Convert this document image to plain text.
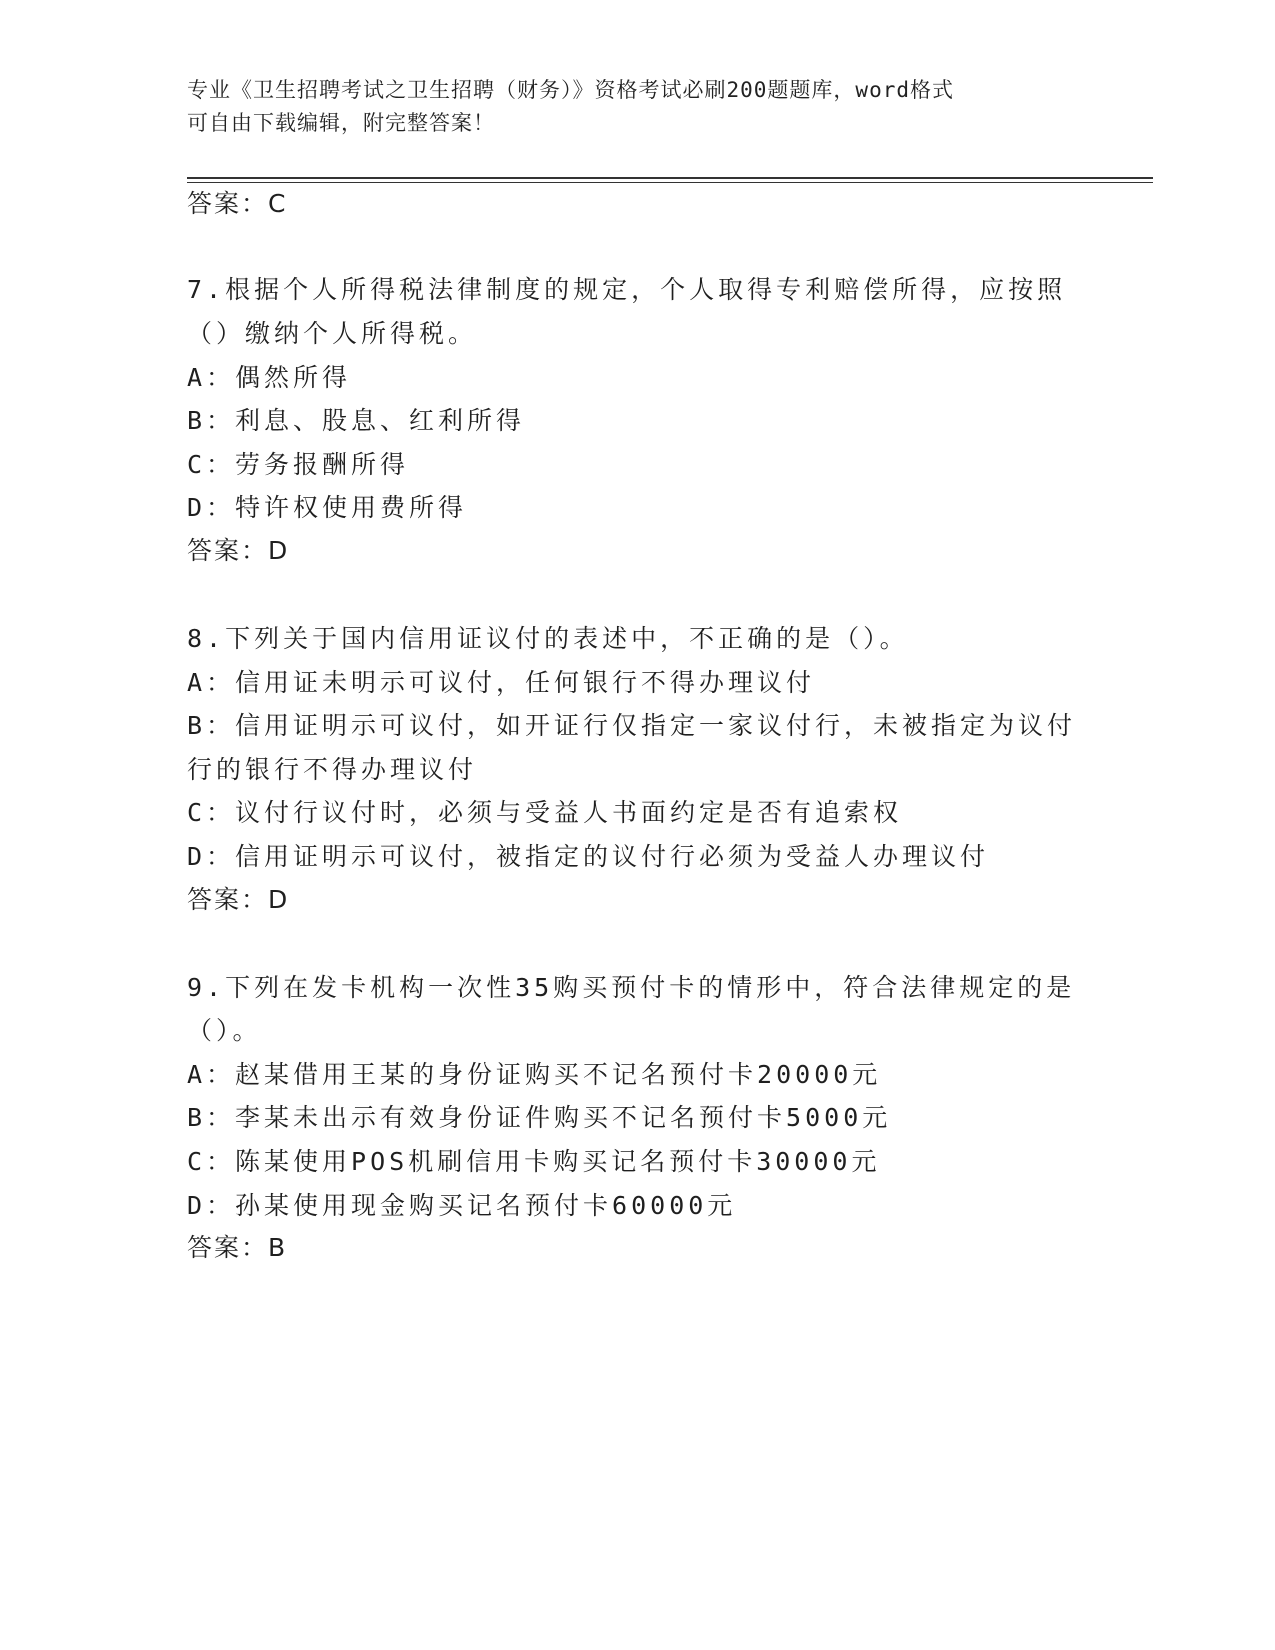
专业《卫生招聘考试之卫生招聘（财务）》资格考试必刷200题题库，word格式
可自由下载编辑，附完整答案！
答案：C
7.根据个人所得税法律制度的规定，个人取得专利赔偿所得，应按照
（）缴纳个人所得税。
A：偶然所得
B：利息、股息、红利所得
C：劳务报酬所得
D：特许权使用费所得
答案：D
8.下列关于国内信用证议付的表述中，不正确的是（）。
A：信用证未明示可议付，任何银行不得办理议付
B：信用证明示可议付，如开证行仅指定一家议付行，未被指定为议付
行的银行不得办理议付
C：议付行议付时，必须与受益人书面约定是否有追索权
D：信用证明示可议付，被指定的议付行必须为受益人办理议付
答案：D
9.下列在发卡机构一次性35购买预付卡的情形中，符合法律规定的是
（）。
A：赵某借用王某的身份证购买不记名预付卡20000元
B：李某未出示有效身份证件购买不记名预付卡5000元
C：陈某使用POS机刷信用卡购买记名预付卡30000元
D：孙某使用现金购买记名预付卡60000元
答案：B
